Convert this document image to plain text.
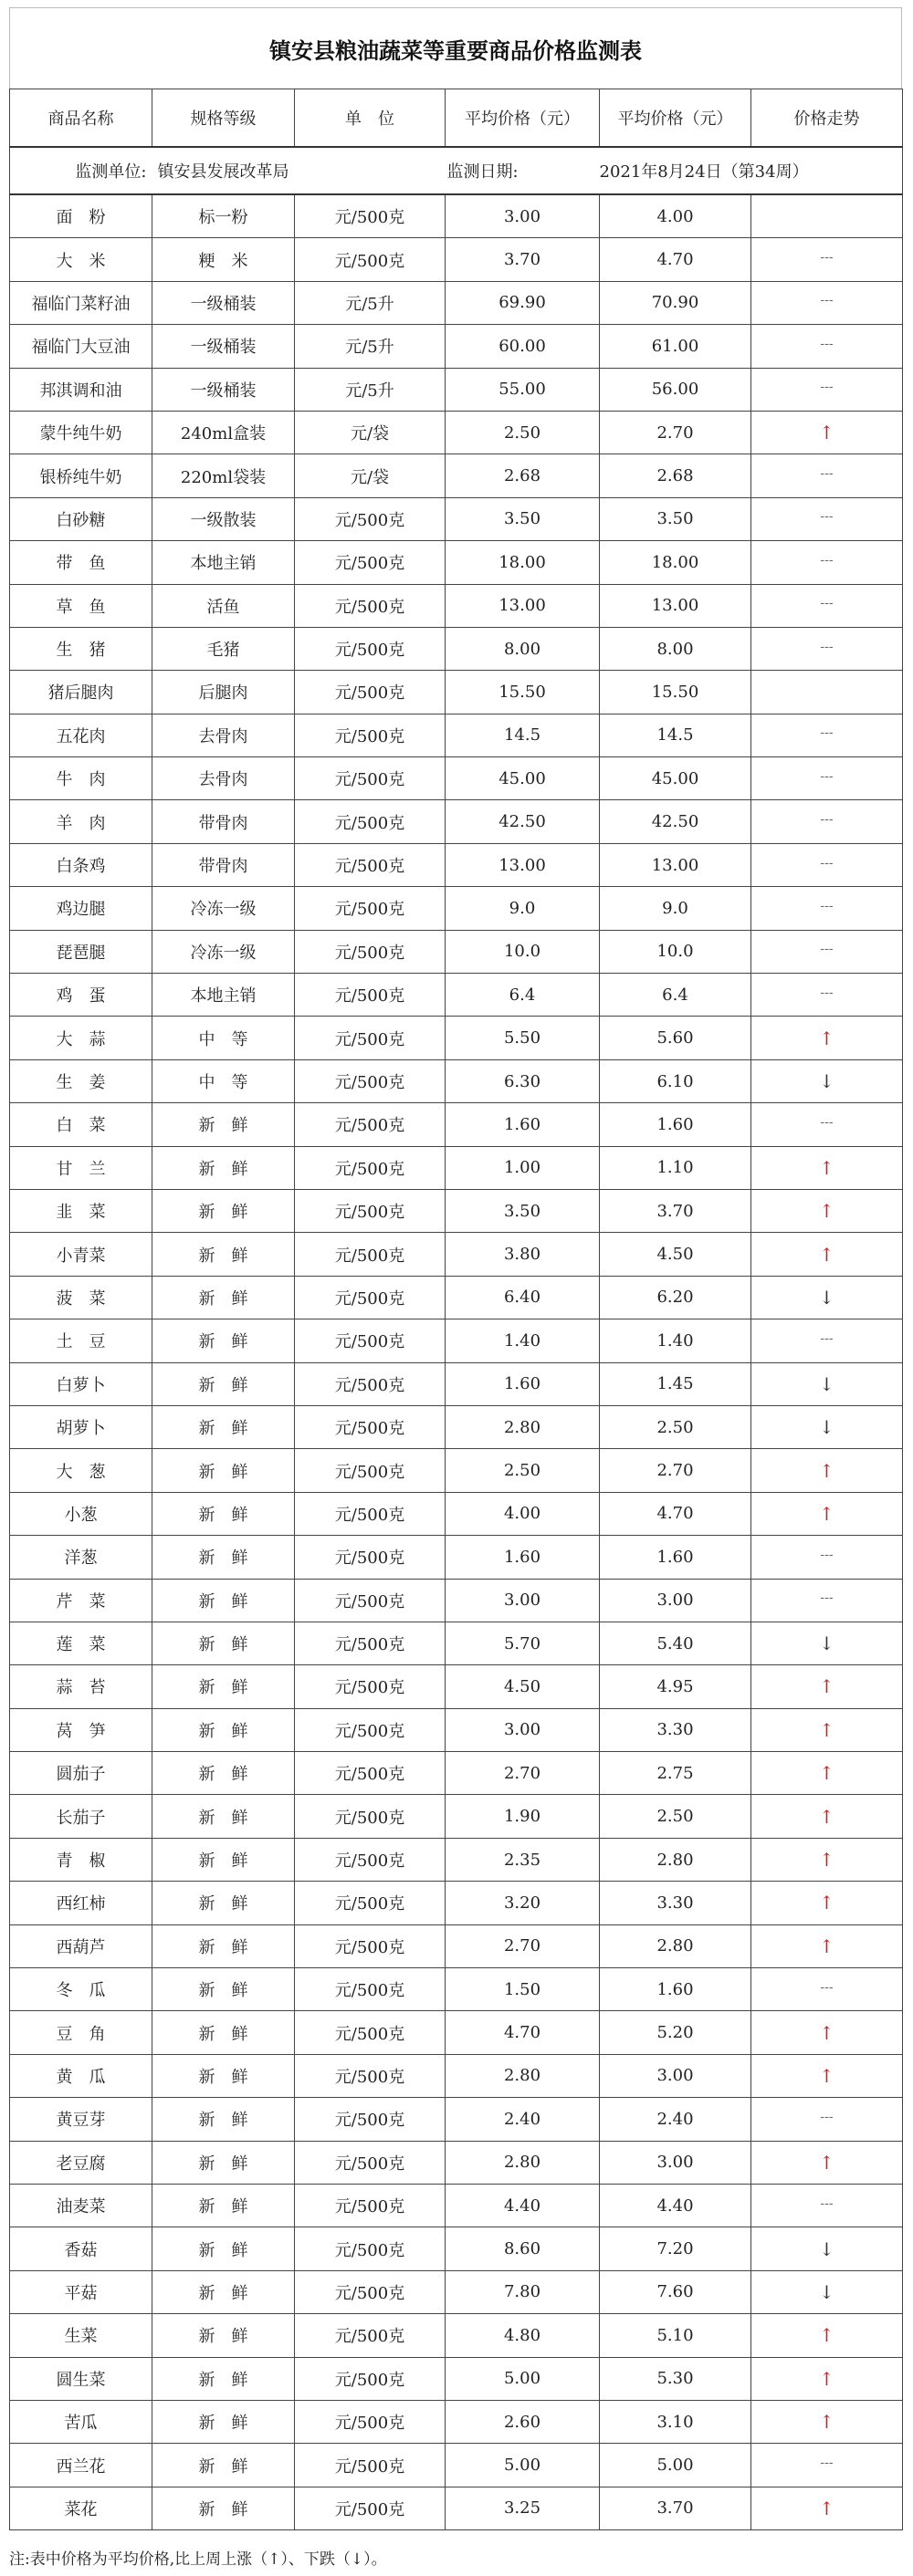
镇安县粮油蔬菜等重要商品价格监测表
监测单位:	镇安县发展改革局		监测日期:	2021年8月24日（第34周）	
商品名称	规格等级	单　位	平均价格（元）	平均价格（元）	价格走势
面　粉	标一粉	元/500克	3.00	4.00	
大　米	粳　米	元/500克	3.70	4.70	---
福临门菜籽油	一级桶装	元/5升	69.90	70.90	---
福临门大豆油	一级桶装	元/5升	60.00	61.00	---
邦淇调和油	一级桶装	元/5升	55.00	56.00	---
蒙牛纯牛奶	240ml盒装	元/袋	2.50	2.70	↑
银桥纯牛奶	220ml袋装	元/袋	2.68	2.68	---
白砂糖	一级散装	元/500克	3.50	3.50	---
带　鱼	本地主销	元/500克	18.00	18.00	---
草　鱼	活鱼	元/500克	13.00	13.00	---
生　猪	毛猪	元/500克	8.00	8.00	---
猪后腿肉	后腿肉	元/500克	15.50	15.50	
五花肉	去骨肉	元/500克	14.5	14.5	---
牛　肉	去骨肉	元/500克	45.00	45.00	---
羊　肉	带骨肉	元/500克	42.50	42.50	---
白条鸡	带骨肉	元/500克	13.00	13.00	---
鸡边腿	冷冻一级	元/500克	9.0	9.0	---
琵琶腿	冷冻一级	元/500克	10.0	10.0	---
鸡　蛋	本地主销	元/500克	6.4	6.4	---
大　蒜	中　等	元/500克	5.50	5.60	↑
生　姜	中　等	元/500克	6.30	6.10	↓
白　菜	新　鲜	元/500克	1.60	1.60	---
甘　兰	新　鲜	元/500克	1.00	1.10	↑
韭　菜	新　鲜	元/500克	3.50	3.70	↑
小青菜	新　鲜	元/500克	3.80	4.50	↑
菠　菜	新　鲜	元/500克	6.40	6.20	↓
土　豆	新　鲜	元/500克	1.40	1.40	---
白萝卜	新　鲜	元/500克	1.60	1.45	↓
胡萝卜	新　鲜	元/500克	2.80	2.50	↓
大　葱	新　鲜	元/500克	2.50	2.70	↑
小葱	新　鲜	元/500克	4.00	4.70	↑
洋葱	新　鲜	元/500克	1.60	1.60	---
芹　菜	新　鲜	元/500克	3.00	3.00	---
莲　菜	新　鲜	元/500克	5.70	5.40	↓
蒜　苔	新　鲜	元/500克	4.50	4.95	↑
莴　笋	新　鲜	元/500克	3.00	3.30	↑
圆茄子	新　鲜	元/500克	2.70	2.75	↑
长茄子	新　鲜	元/500克	1.90	2.50	↑
青　椒	新　鲜	元/500克	2.35	2.80	↑
西红柿	新　鲜	元/500克	3.20	3.30	↑
西葫芦	新　鲜	元/500克	2.70	2.80	↑
冬　瓜	新　鲜	元/500克	1.50	1.60	---
豆　角	新　鲜	元/500克	4.70	5.20	↑
黄　瓜	新　鲜	元/500克	2.80	3.00	↑
黄豆芽	新　鲜	元/500克	2.40	2.40	---
老豆腐	新　鲜	元/500克	2.80	3.00	↑
油麦菜	新　鲜	元/500克	4.40	4.40	---
香菇	新　鲜	元/500克	8.60	7.20	↓
平菇	新　鲜	元/500克	7.80	7.60	↓
生菜	新　鲜	元/500克	4.80	5.10	↑
圆生菜	新　鲜	元/500克	5.00	5.30	↑
苦瓜	新　鲜	元/500克	2.60	3.10	↑
西兰花	新　鲜	元/500克	5.00	5.00	---
菜花	新　鲜	元/500克	3.25	3.70	↑
注:表中价格为平均价格,比上周上涨（↑）、下跌（↓）。
